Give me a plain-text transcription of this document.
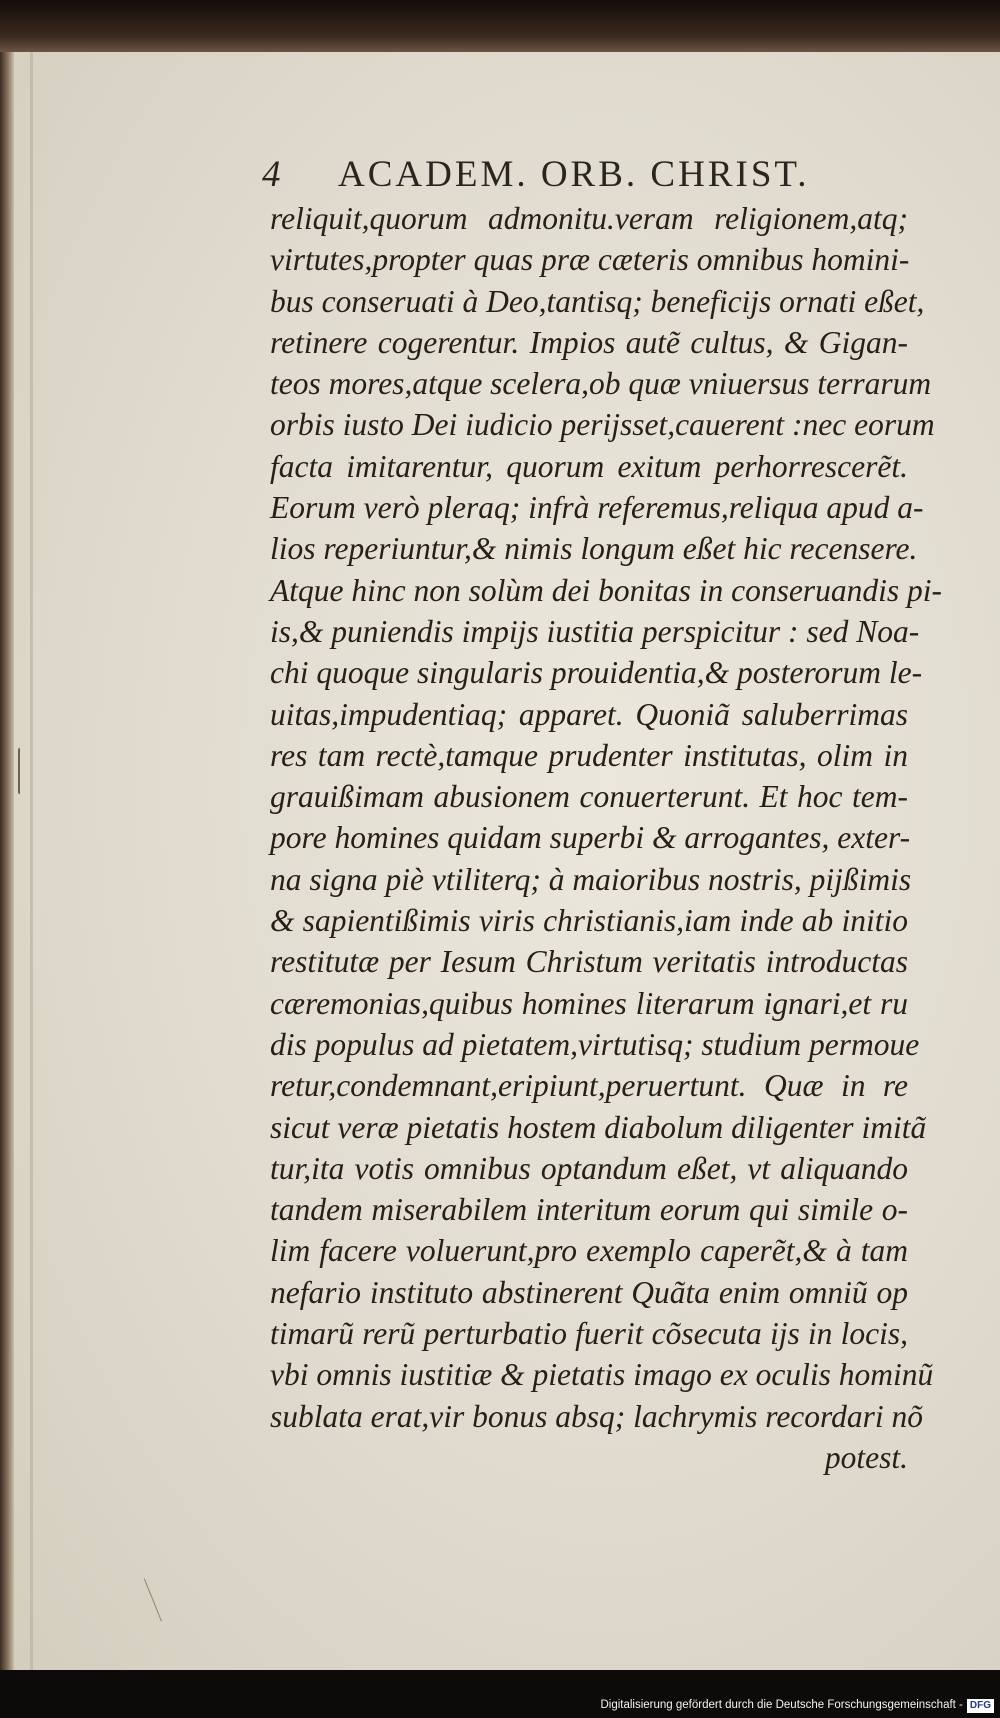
4 ACADEM. ORB. CHRIST.
reliquit,quorum admonitu.veram religionem,atq;
virtutes,propter quas præ cæteris omnibus homini-
bus conseruati à Deo,tantisq; beneficijs ornati eßet,
retinere cogerentur. Impios autẽ cultus, & Gigan-
teos mores,atque scelera,ob quæ vniuersus terrarum
orbis iusto Dei iudicio perijsset,cauerent :nec eorum
facta imitarentur, quorum exitum perhorrescerẽt.
Eorum verò pleraq; infrà referemus,reliqua apud a-
lios reperiuntur,& nimis longum eßet hic recensere.
Atque hinc non solùm dei bonitas in conseruandis pi-
is,& puniendis impijs iustitia perspicitur : sed Noa-
chi quoque singularis prouidentia,& posterorum le-
uitas,impudentiaq; apparet. Quoniã saluberrimas
res tam rectè,tamque prudenter institutas, olim in
grauißimam abusionem conuerterunt. Et hoc tem-
pore homines quidam superbi & arrogantes, exter-
na signa piè vtiliterq; à maioribus nostris, pijßimis
& sapientißimis viris christianis,iam inde ab initio
restitutæ per Iesum Christum veritatis introductas
cæremonias,quibus homines literarum ignari,et ru
dis populus ad pietatem,virtutisq; studium permoue
retur,condemnant,eripiunt,peruertunt. Quæ in re
sicut veræ pietatis hostem diabolum diligenter imitã
tur,ita votis omnibus optandum eßet, vt aliquando
tandem miserabilem interitum eorum qui simile o-
lim facere voluerunt,pro exemplo caperẽt,& à tam
nefario instituto abstinerent Quãta enim omniũ op
timarũ rerũ perturbatio fuerit cõsecuta ijs in locis,
vbi omnis iustitiæ & pietatis imago ex oculis hominũ
sublata erat,vir bonus absq; lachrymis recordari nõ
potest.
Digitalisierung gefördert durch die Deutsche Forschungsgemeinschaft - DFG
